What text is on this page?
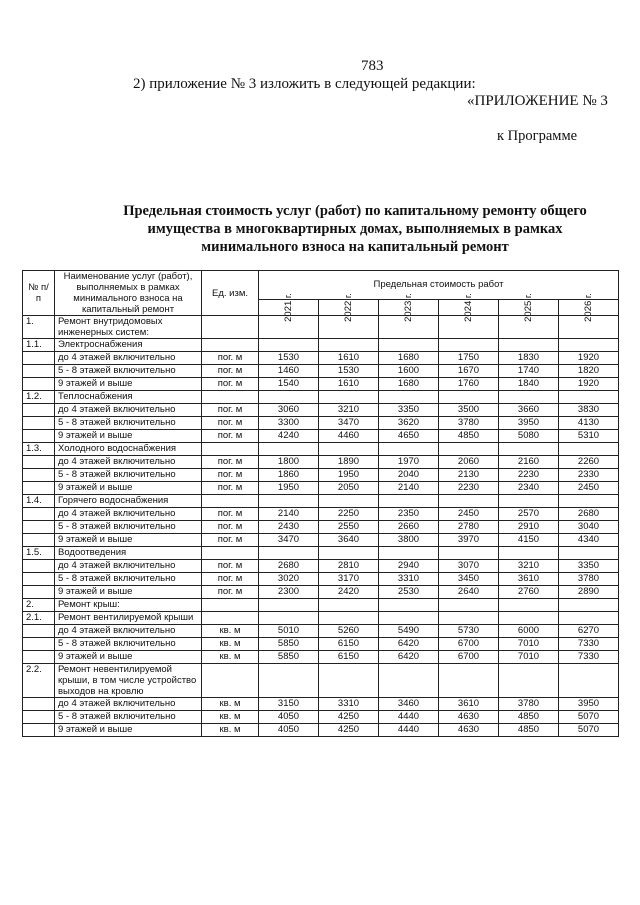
783
2) приложение № 3 изложить в следующей редакции:
«ПРИЛОЖЕНИЕ № 3
к Программе
Предельная стоимость услуг (работ) по капитальному ремонту общего имущества в многоквартирных домах, выполняемых в рамках минимального взноса на капитальный ремонт
№ п/п	Наименование услуг (работ), выполняемых в рамках минимального взноса на капитальный ремонт	Ед. изм.	Предельная стоимость работ					
			2021 г.	2022 г.	2023 г.	2024 г.	2025 г.	2026 г.
1.	Ремонт внутридомовых инженерных систем:							
1.1.	Электроснабжения							
	до 4 этажей включительно	пог. м	1530	1610	1680	1750	1830	1920
	5 - 8 этажей включительно	пог. м	1460	1530	1600	1670	1740	1820
	9 этажей и выше	пог. м	1540	1610	1680	1760	1840	1920
1.2.	Теплоснабжения							
	до 4 этажей включительно	пог. м	3060	3210	3350	3500	3660	3830
	5 - 8 этажей включительно	пог. м	3300	3470	3620	3780	3950	4130
	9 этажей и выше	пог. м	4240	4460	4650	4850	5080	5310
1.3.	Холодного водоснабжения							
	до 4 этажей включительно	пог. м	1800	1890	1970	2060	2160	2260
	5 - 8 этажей включительно	пог. м	1860	1950	2040	2130	2230	2330
	9 этажей и выше	пог. м	1950	2050	2140	2230	2340	2450
1.4.	Горячего водоснабжения							
	до 4 этажей включительно	пог. м	2140	2250	2350	2450	2570	2680
	5 - 8 этажей включительно	пог. м	2430	2550	2660	2780	2910	3040
	9 этажей и выше	пог. м	3470	3640	3800	3970	4150	4340
1.5.	Водоотведения							
	до 4 этажей включительно	пог. м	2680	2810	2940	3070	3210	3350
	5 - 8 этажей включительно	пог. м	3020	3170	3310	3450	3610	3780
	9 этажей и выше	пог. м	2300	2420	2530	2640	2760	2890
2.	Ремонт крыш:							
2.1.	Ремонт вентилируемой крыши							
	до 4 этажей включительно	кв. м	5010	5260	5490	5730	6000	6270
	5 - 8 этажей включительно	кв. м	5850	6150	6420	6700	7010	7330
	9 этажей и выше	кв. м	5850	6150	6420	6700	7010	7330
2.2.	Ремонт невентилируемой крыши, в том числе устройство выходов на кровлю							
	до 4 этажей включительно	кв. м	3150	3310	3460	3610	3780	3950
	5 - 8 этажей включительно	кв. м	4050	4250	4440	4630	4850	5070
	9 этажей и выше	кв. м	4050	4250	4440	4630	4850	5070
